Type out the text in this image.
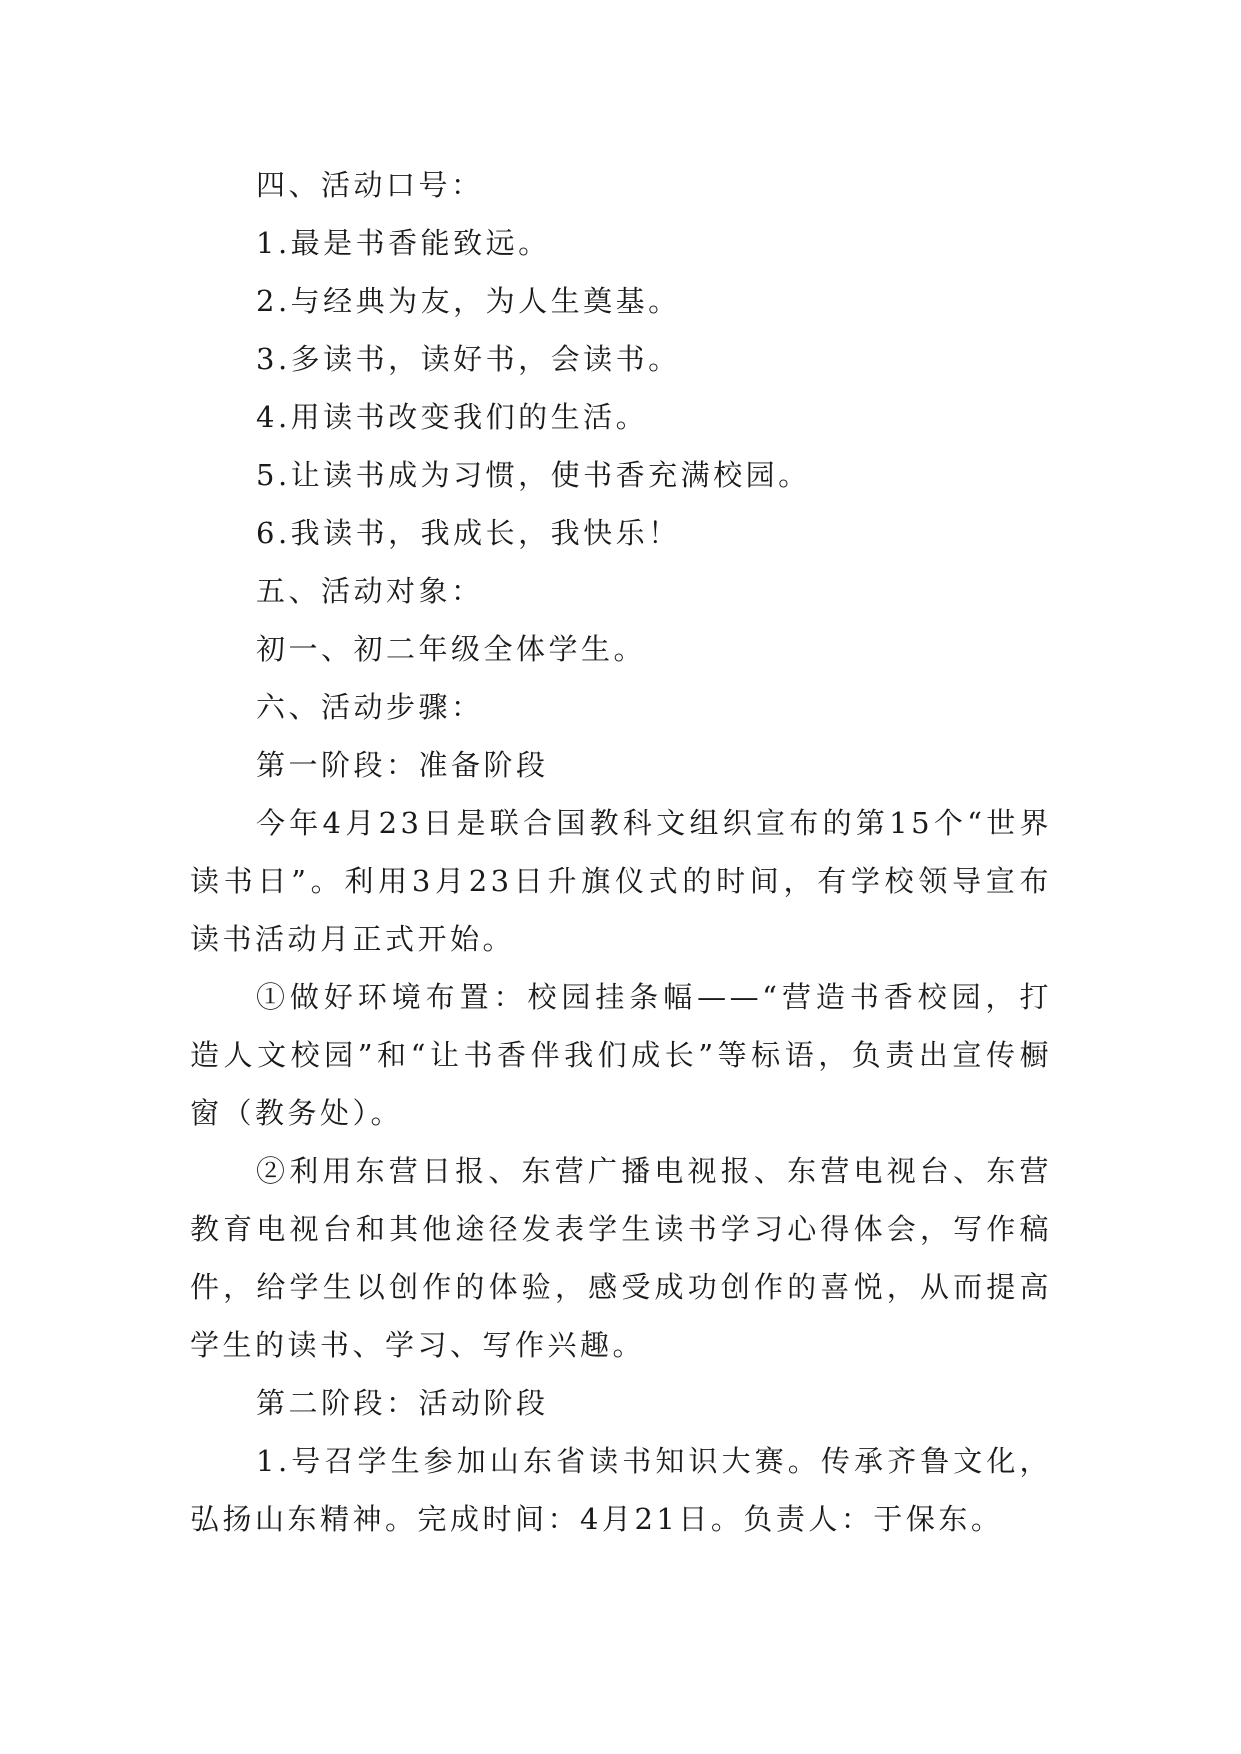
四、活动口号：

1.最是书香能致远。

2.与经典为友，为人生奠基。

3.多读书，读好书，会读书。

4.用读书改变我们的生活。

5.让读书成为习惯，使书香充满校园。

6.我读书，我成长，我快乐！

五、活动对象：

初一、初二年级全体学生。

六、活动步骤：

第一阶段：准备阶段

今年4月23日是联合国教科文组织宣布的第15个“世界读书日”。利用3月23日升旗仪式的时间，有学校领导宣布读书活动月正式开始。

①做好环境布置：校园挂条幅——“营造书香校园，打造人文校园”和“让书香伴我们成长”等标语，负责出宣传橱窗（教务处）。

②利用东营日报、东营广播电视报、东营电视台、东营教育电视台和其他途径发表学生读书学习心得体会，写作稿件，给学生以创作的体验，感受成功创作的喜悦，从而提高学生的读书、学习、写作兴趣。

第二阶段：活动阶段

1.号召学生参加山东省读书知识大赛。传承齐鲁文化，弘扬山东精神。完成时间：4月21日。负责人：于保东。
